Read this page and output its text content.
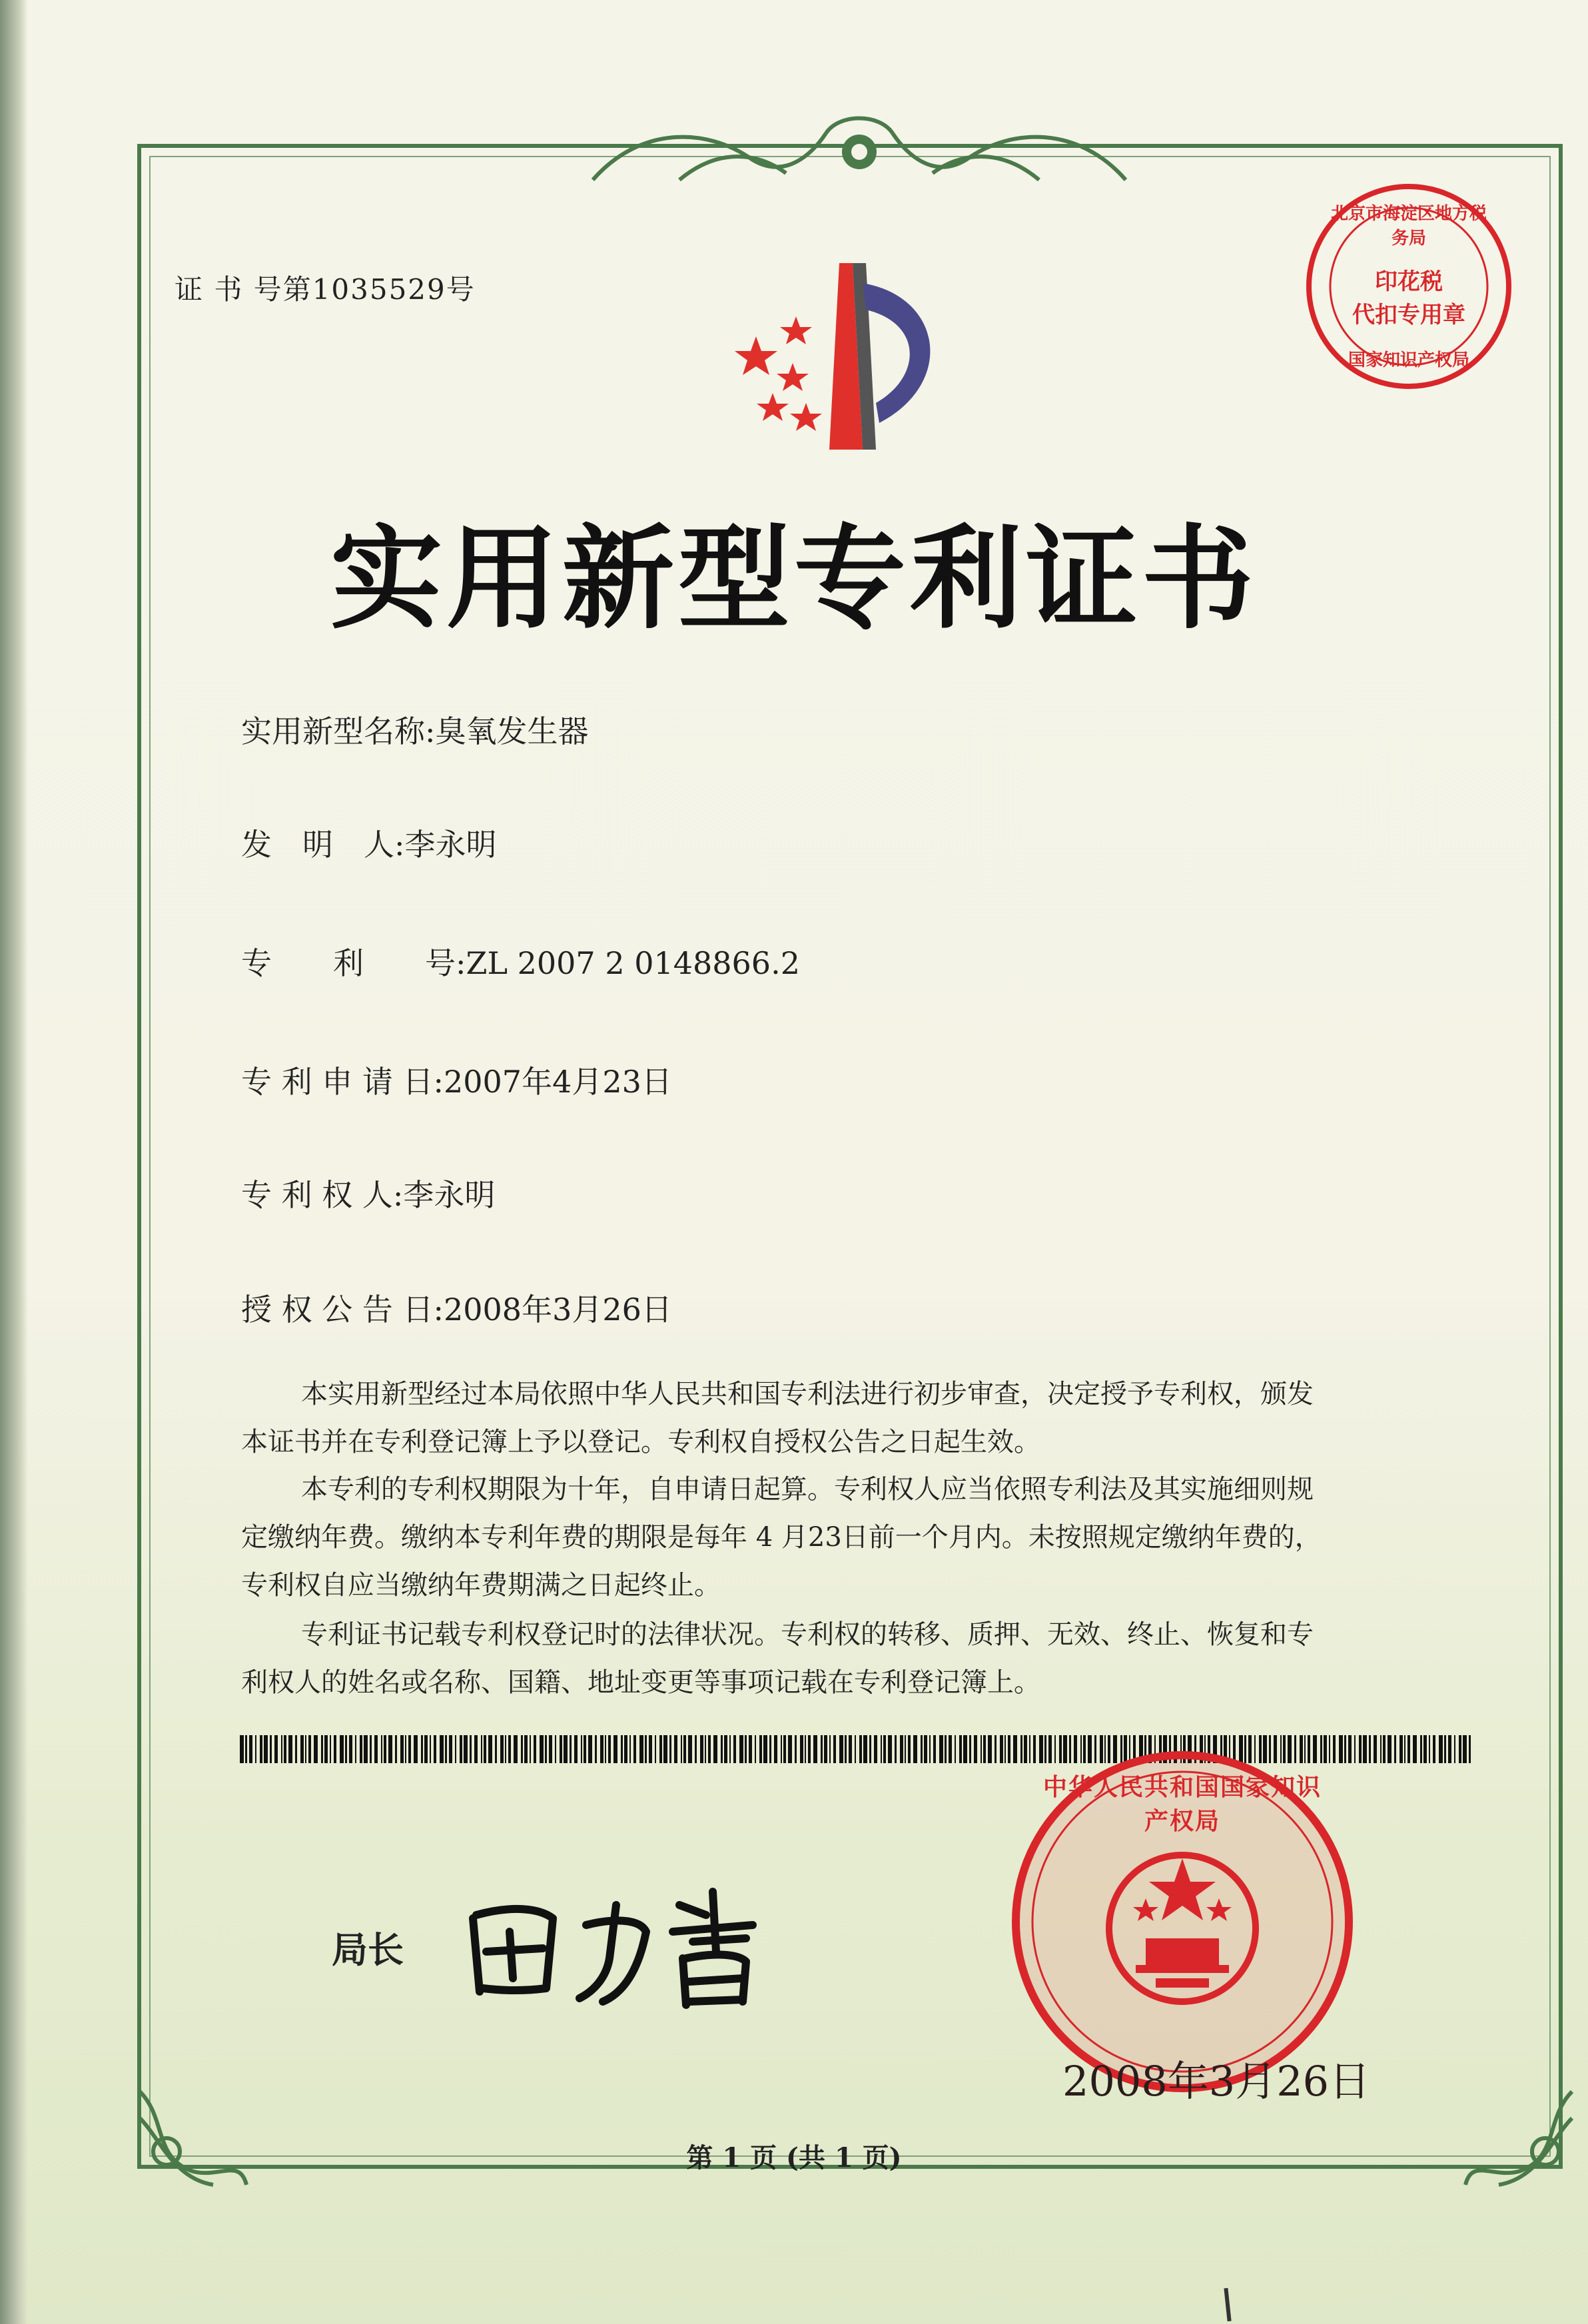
证 书 号第1035529号
北京市海淀区地方税务局
印花税
代扣专用章
国家知识产权局
实用新型专利证书
实用新型名称:臭氧发生器
发　明　人:李永明
专　　利　　号:ZL 2007 2 0148866.2
专 利 申 请 日:2007年4月23日
专 利 权 人:李永明
授 权 公 告 日:2008年3月26日
本实用新型经过本局依照中华人民共和国专利法进行初步审查，决定授予专利权，颁发
本证书并在专利登记簿上予以登记。专利权自授权公告之日起生效。
本专利的专利权期限为十年，自申请日起算。专利权人应当依照专利法及其实施细则规
定缴纳年费。缴纳本专利年费的期限是每年 4 月23日前一个月内。未按照规定缴纳年费的，
专利权自应当缴纳年费期满之日起终止。
专利证书记载专利权登记时的法律状况。专利权的转移、质押、无效、终止、恢复和专
利权人的姓名或名称、国籍、地址变更等事项记载在专利登记簿上。
局长
中华人民共和国国家知识产权局
2008年3月26日
第 1 页 (共 1 页)
